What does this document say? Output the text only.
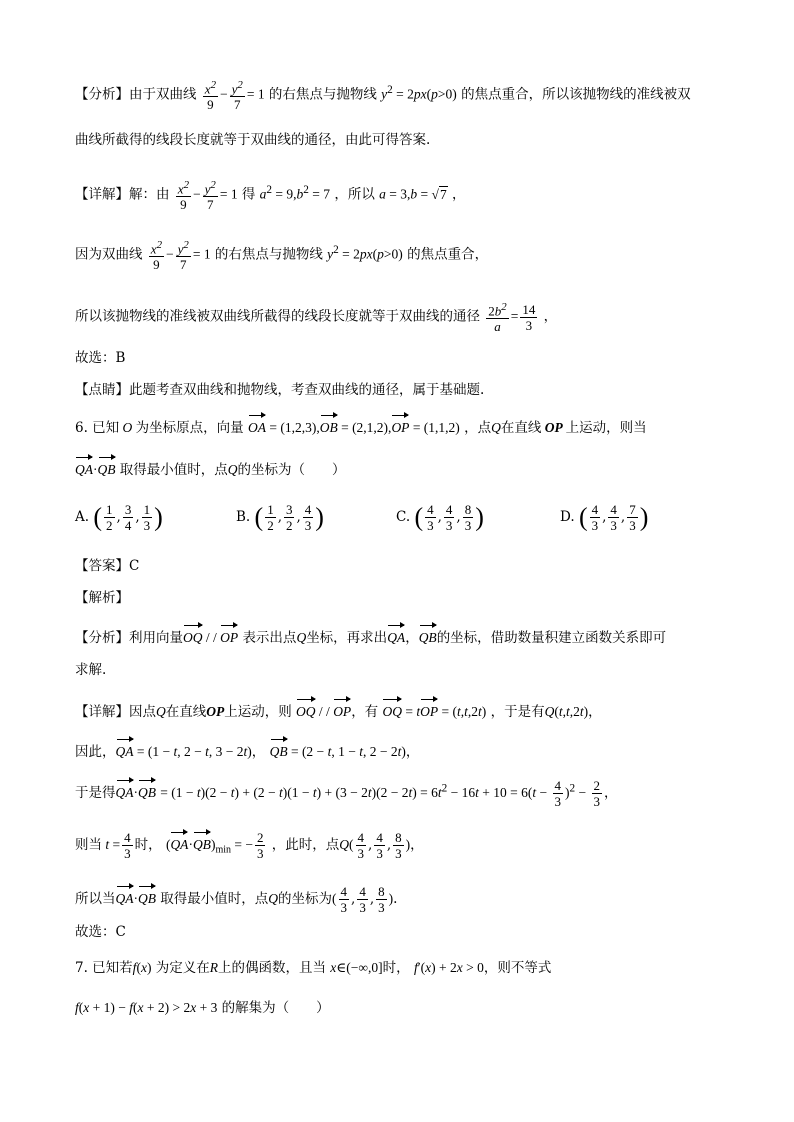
【分析】由于双曲线 $\frac{x^2}{9} - \frac{y^2}{7} = 1$ 的右焦点与抛物线 $y^2 = 2px(p>0)$ 的焦点重合，所以该抛物线的准线被双
曲线所截得的线段长度就等于双曲线的通径，由此可得答案.
【详解】解：由 $\frac{x^2}{9} - \frac{y^2}{7} = 1$ 得 $a^2 = 9,b^2 = 7$ ，所以 a = 3,b = √7 ，
因为双曲线 $\frac{x^2}{9} - \frac{y^2}{7} = 1$ 的右焦点与抛物线 $y^2 = 2px(p>0)$ 的焦点重合，
所以该抛物线的准线被双曲线所截得的线段长度就等于双曲线的通径 $\frac{2b^2}{a} = \frac{14}{3}$ ，
故选：B
【点睛】此题考查双曲线和抛物线，考查双曲线的通径，属于基础题.
6. 已知 O 为坐标原点，向量 OA = (1,2,3),OB = (2,1,2),OP = (1,1,2) ，点Q在直线 OP 上运动，则当
QA·QB 取得最小值时，点Q的坐标为（　　）
A. ( $\frac{1}{2}$ , $\frac{3}{4}$ , $\frac{1}{3}$ )	B. ( $\frac{1}{2}$ , $\frac{3}{2}$ , $\frac{4}{3}$ )	C. ( $\frac{4}{3}$ , $\frac{4}{3}$ , $\frac{8}{3}$ )	D. ( $\frac{4}{3}$ , $\frac{4}{3}$ , $\frac{7}{3}$ )
【答案】C
【解析】
【分析】利用向量OQ / / OP 表示出点Q坐标，再求出QA，QB的坐标，借助数量积建立函数关系即可
求解.
【详解】因点Q在直线OP上运动，则 OQ / / OP，有 OQ = tOP = (t,t,2t) ，于是有Q(t,t,2t)，
因此，QA = (1 − t, 2 − t, 3 − 2t)， QB = (2 − t, 1 − t, 2 − 2t)，
于是得$QA\cdot QB = (1 - t)(2 - t) + (2 - t)(1 - t) + (3 - 2t)(2 - 2t) = 6t^2 - 16t + 10 = 6(t - \frac{4}{3} )^2 - \frac{2}{3}$ ，
则当 $t = \frac{4}{3}$ 时， $(QA\cdot QB)_{min}$ = − $\frac{2}{3}$ ，此时，点$Q( \frac{4}{3}$ , $\frac{4}{3}$ , $\frac{8}{3}$ )，
所以当QA·QB 取得最小值时，点Q的坐标为( $\frac{4}{3}$ , $\frac{4}{3}$ , $\frac{8}{3}$ ).
故选：C
7. 已知若f(x) 为定义在R上的偶函数，且当 x∈(−∞,0]时， f′(x) + 2x > 0，则不等式
f(x + 1) − f(x + 2) > 2x + 3 的解集为（　　）
